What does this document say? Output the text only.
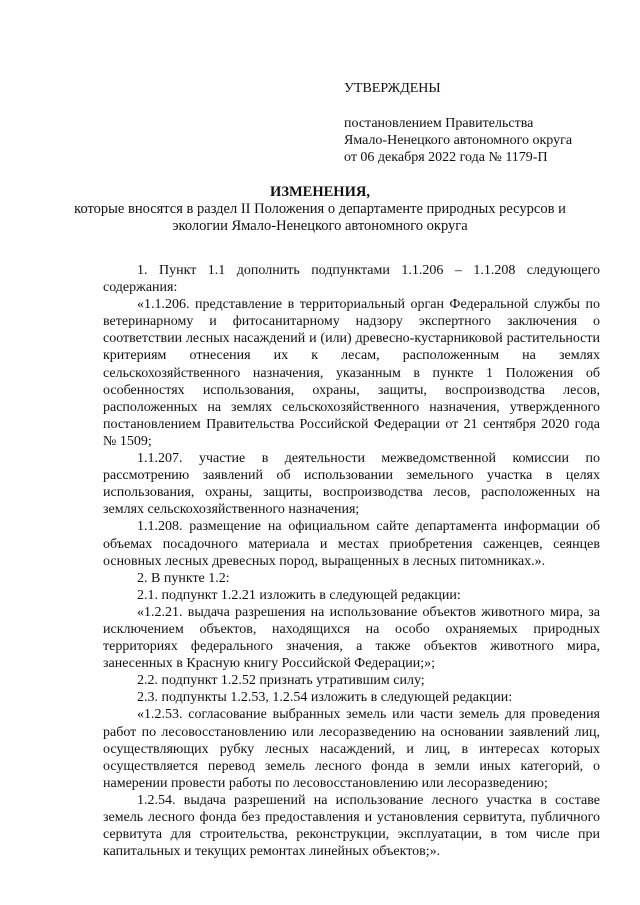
УТВЕРЖДЕНЫ
постановлением Правительства
Ямало-Ненецкого автономного округа
от 06 декабря 2022 года № 1179-П
ИЗМЕНЕНИЯ,
которые вносятся в раздел II Положения о департаменте природных ресурсов и
экологии Ямало-Ненецкого автономного округа

1. Пункт 1.1 дополнить подпунктами 1.1.206 – 1.1.208 следующего содержания:

«1.1.206. представление в территориальный орган Федеральной службы по ветеринарному и фитосанитарному надзору экспертного заключения о соответствии лесных насаждений и (или) древесно-кустарниковой растительности критериям отнесения их к лесам, расположенным на землях сельскохозяйственного назначения, указанным в пункте 1 Положения об особенностях использования, охраны, защиты, воспроизводства лесов, расположенных на землях сельскохозяйственного назначения, утвержденного постановлением Правительства Российской Федерации от 21 сентября 2020 года № 1509;

1.1.207. участие в деятельности межведомственной комиссии по рассмотрению заявлений об использовании земельного участка в целях использования, охраны, защиты, воспроизводства лесов, расположенных на землях сельскохозяйственного назначения;

1.1.208. размещение на официальном сайте департамента информации об объемах посадочного материала и местах приобретения саженцев, сеянцев основных лесных древесных пород, выращенных в лесных питомниках.».

2. В пункте 1.2:

2.1. подпункт 1.2.21 изложить в следующей редакции:

«1.2.21. выдача разрешения на использование объектов животного мира, за исключением объектов, находящихся на особо охраняемых природных территориях федерального значения, а также объектов животного мира, занесенных в Красную книгу Российской Федерации;»;

2.2. подпункт 1.2.52 признать утратившим силу;

2.3. подпункты 1.2.53, 1.2.54 изложить в следующей редакции:

«1.2.53. согласование выбранных земель или части земель для проведения работ по лесовосстановлению или лесоразведению на основании заявлений лиц, осуществляющих рубку лесных насаждений, и лиц, в интересах которых осуществляется перевод земель лесного фонда в земли иных категорий, о намерении провести работы по лесовосстановлению или лесоразведению;

1.2.54. выдача разрешений на использование лесного участка в составе земель лесного фонда без предоставления и установления сервитута, публичного сервитута для строительства, реконструкции, эксплуатации, в том числе при капитальных и текущих ремонтах линейных объектов;».
